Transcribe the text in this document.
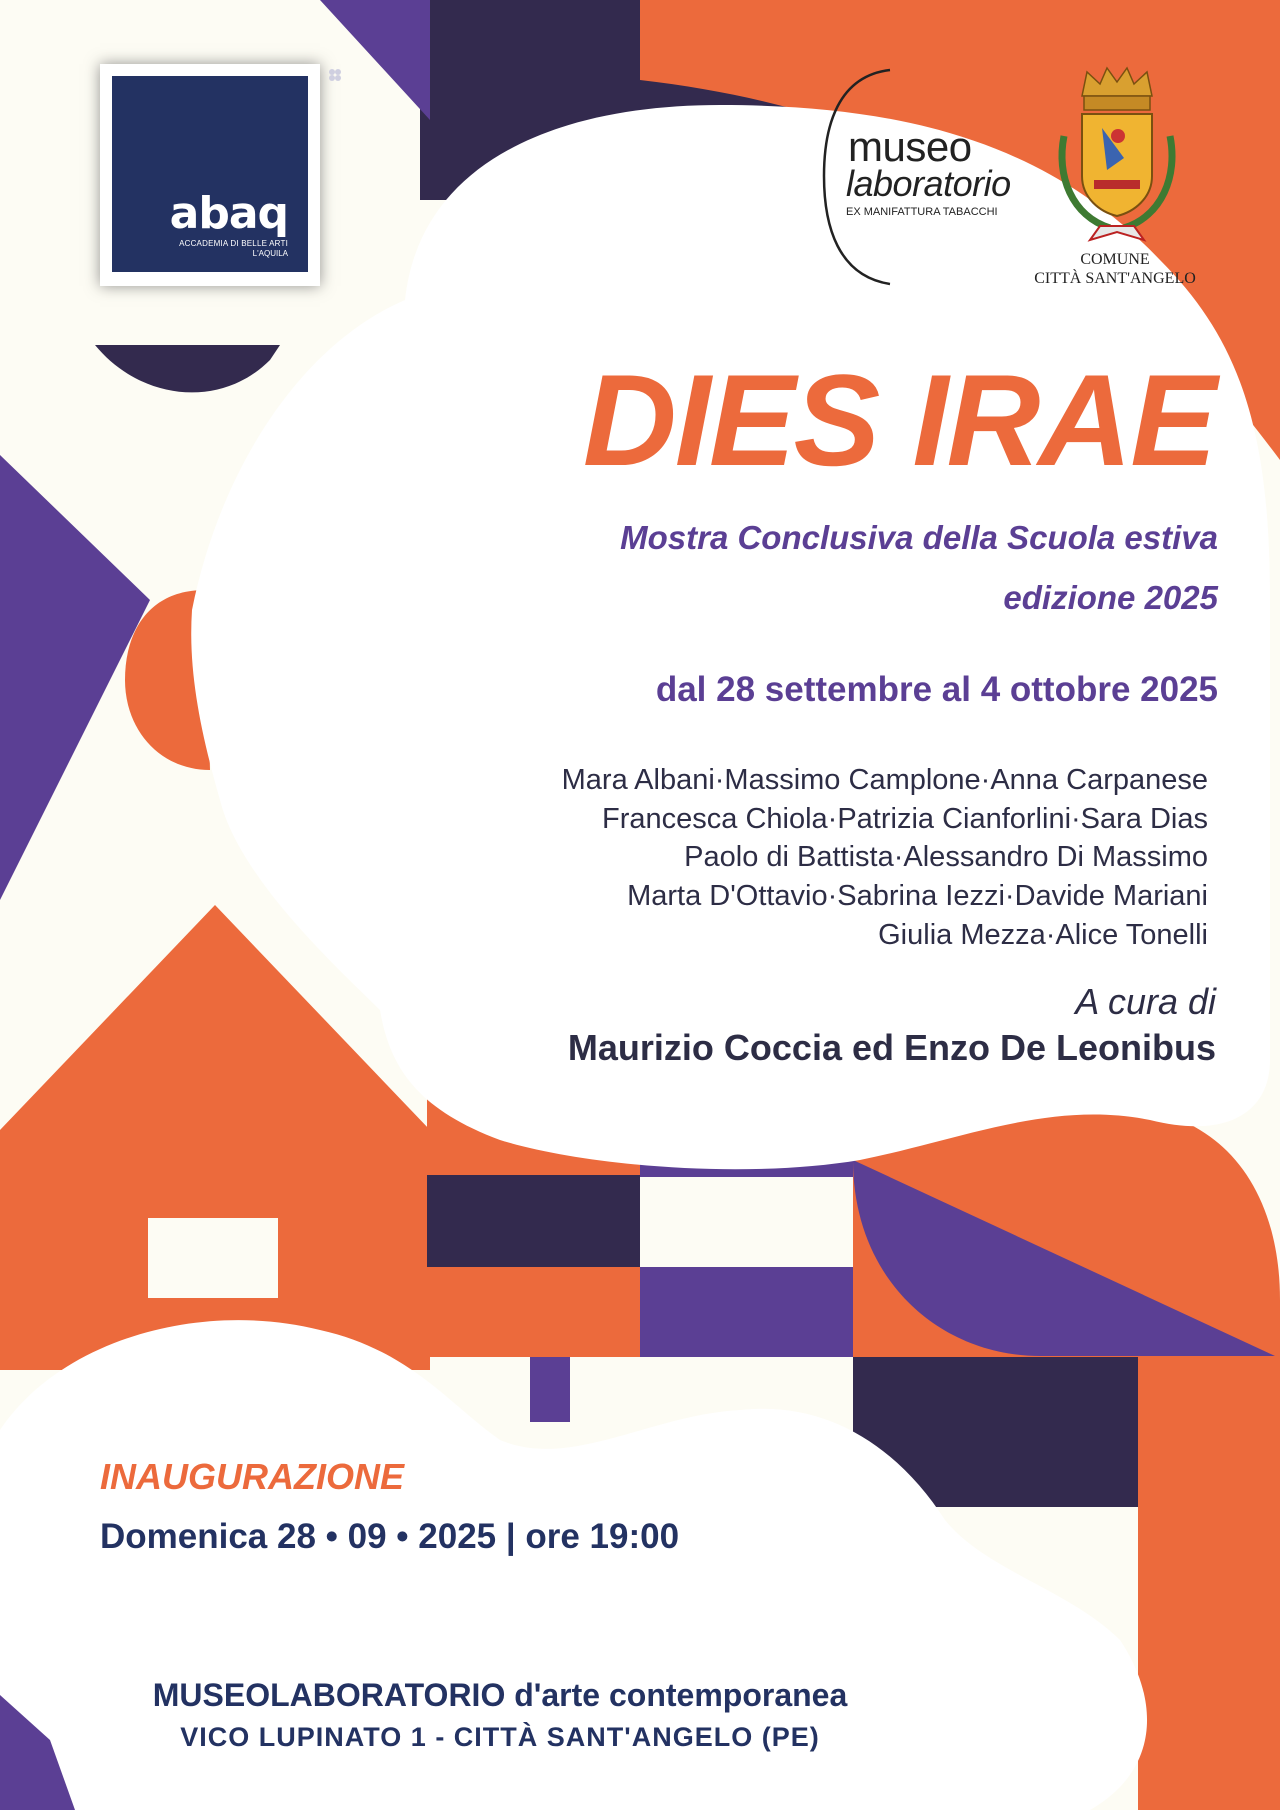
abaq
ACCADEMIA DI BELLE ARTI
L'AQUILA
museo
laboratorio
EX MANIFATTURA TABACCHI
COMUNE
CITTÀ SANT'ANGELO
DIES IRAE
Mostra Conclusiva della Scuola estiva
edizione 2025
dal 28 settembre al 4 ottobre 2025
Mara Albani·Massimo Camplone·Anna Carpanese
Francesca Chiola·Patrizia Cianforlini·Sara Dias
Paolo di Battista·Alessandro Di Massimo
Marta D'Ottavio·Sabrina Iezzi·Davide Mariani
Giulia Mezza·Alice Tonelli
A cura di
Maurizio Coccia ed Enzo De Leonibus
INAUGURAZIONE
Domenica 28 • 09 • 2025 | ore 19:00
MUSEOLABORATORIO d'arte contemporanea
VICO LUPINATO 1 - CITTÀ SANT'ANGELO (PE)
